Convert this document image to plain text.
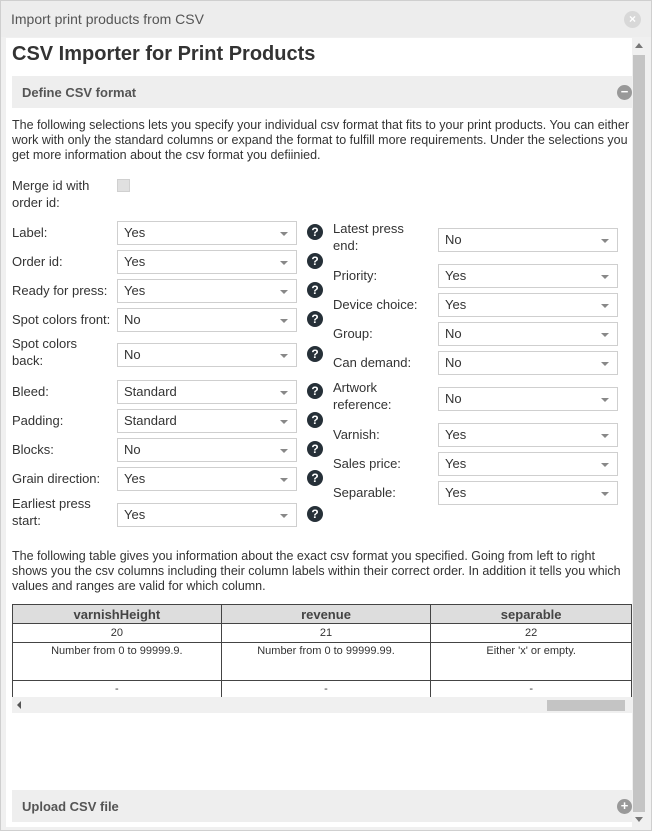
Import print products from CSV	×
CSV Importer for Print Products
Define CSV format	−
The following selections lets you specify your individual csv format that fits to your print products. You can either work with only the standard columns or expand the format to fulfill more requirements. Under the selections you get more information about the csv format you defiinied.
Merge id with
order id:
Label:	Yes	?
Order id:	Yes	?
Ready for press:	Yes	?
Spot colors front:	No	?
Spot colors
back:	No	?
Bleed:	Standard	?
Padding:	Standard	?
Blocks:	No	?
Grain direction:	Yes	?
Earliest press
start:	Yes	?
Latest press
end:	No
Priority:	Yes
Device choice:	Yes
Group:	No
Can demand:	No
Artwork
reference:	No
Varnish:	Yes
Sales price:	Yes
Separable:	Yes
The following table gives you information about the exact csv format you specified. Going from left to right shows you the csv columns including their column labels within their correct order. In addition it tells you which values and ranges are valid for which column.
varnishHeight	revenue	separable
20	21	22
Number from 0 to 99999.9.	Number from 0 to 99999.99.	Either 'x' or empty.
-	-	-
Upload CSV file	+
